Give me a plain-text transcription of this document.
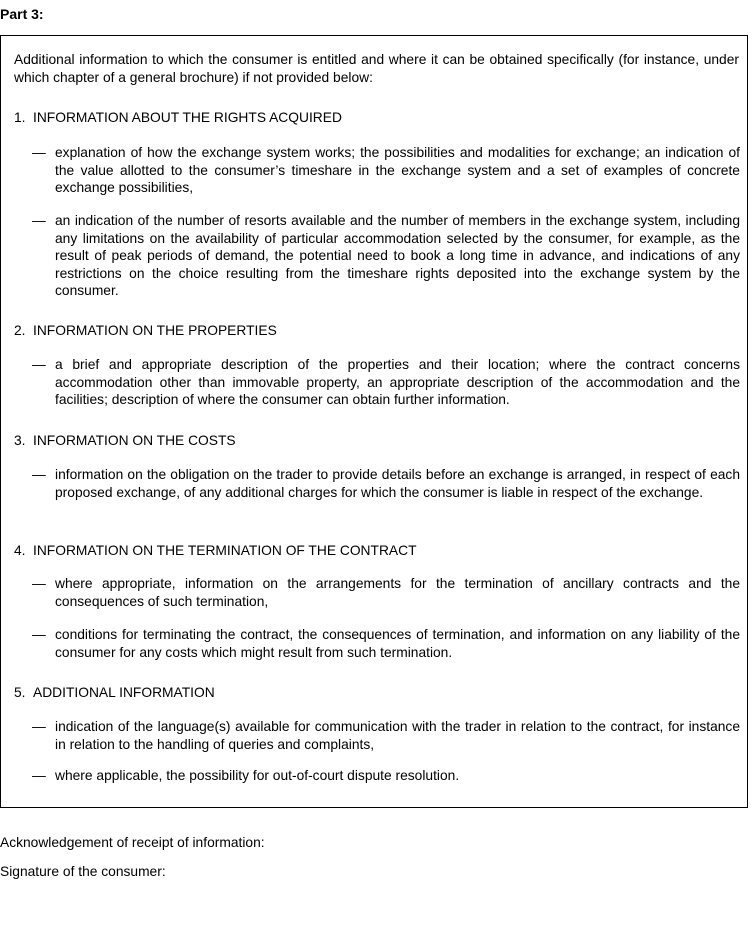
Part 3:
Additional information to which the consumer is entitled and where it can be obtained specifically (for instance, under which chapter of a general brochure) if not provided below:
1. INFORMATION ABOUT THE RIGHTS ACQUIRED
— explanation of how the exchange system works; the possibilities and modalities for exchange; an indication of the value allotted to the consumer’s timeshare in the exchange system and a set of examples of concrete exchange possibilities,
— an indication of the number of resorts available and the number of members in the exchange system, including any limitations on the availability of particular accommodation selected by the consumer, for example, as the result of peak periods of demand, the potential need to book a long time in advance, and indications of any restrictions on the choice resulting from the timeshare rights deposited into the exchange system by the consumer.
2. INFORMATION ON THE PROPERTIES
— a brief and appropriate description of the properties and their location; where the contract concerns accommodation other than immovable property, an appropriate description of the accommodation and the facilities; description of where the consumer can obtain further information.
3. INFORMATION ON THE COSTS
— information on the obligation on the trader to provide details before an exchange is arranged, in respect of each proposed exchange, of any additional charges for which the consumer is liable in respect of the exchange.
4. INFORMATION ON THE TERMINATION OF THE CONTRACT
— where appropriate, information on the arrangements for the termination of ancillary contracts and the consequences of such termination,
— conditions for terminating the contract, the consequences of termination, and information on any liability of the consumer for any costs which might result from such termination.
5. ADDITIONAL INFORMATION
— indication of the language(s) available for communication with the trader in relation to the contract, for instance in relation to the handling of queries and complaints,
— where applicable, the possibility for out-of-court dispute resolution.
Acknowledgement of receipt of information:
Signature of the consumer:
